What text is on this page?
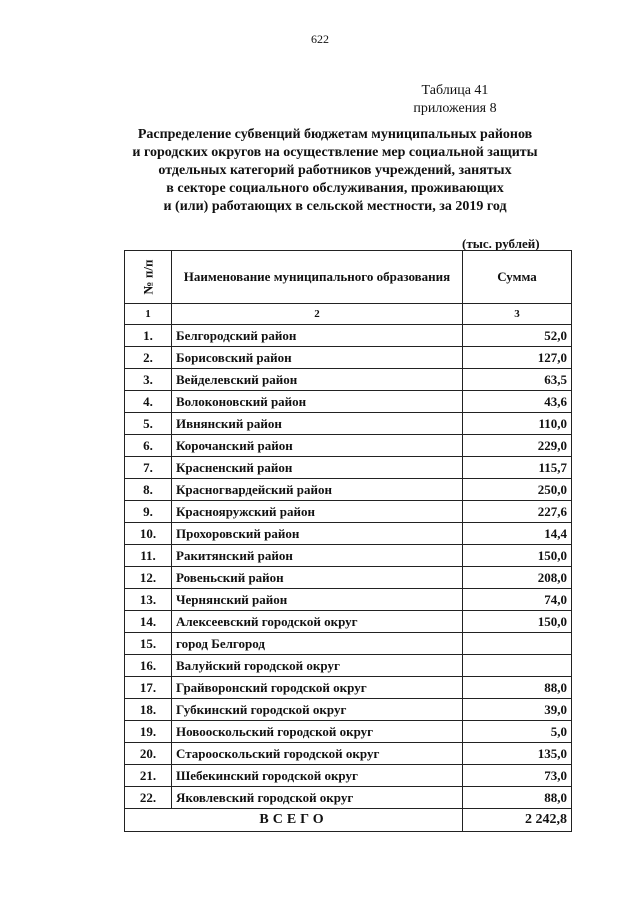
622
Таблица 41
приложения 8
Распределение субвенций бюджетам муниципальных районов
и городских округов на осуществление мер социальной защиты
отдельных категорий работников учреждений, занятых
в секторе социального обслуживания, проживающих
и (или) работающих в сельской местности, за 2019 год
(тыс. рублей)
№ п/п	Наименование муниципального образования	Сумма
1	2	3
1.	Белгородский район	52,0
2.	Борисовский район	127,0
3.	Вейделевский район	63,5
4.	Волоконовский район	43,6
5.	Ивнянский район	110,0
6.	Корочанский район	229,0
7.	Красненский район	115,7
8.	Красногвардейский район	250,0
9.	Краснояружский район	227,6
10.	Прохоровский район	14,4
11.	Ракитянский район	150,0
12.	Ровеньский район	208,0
13.	Чернянский район	74,0
14.	Алексеевский городской округ	150,0
15.	город Белгород	
16.	Валуйский городской округ	
17.	Грайворонский городской округ	88,0
18.	Губкинский городской округ	39,0
19.	Новооскольский городской округ	5,0
20.	Старооскольский городской округ	135,0
21.	Шебекинский городской округ	73,0
22.	Яковлевский городской округ	88,0
ВСЕГО		2 242,8
